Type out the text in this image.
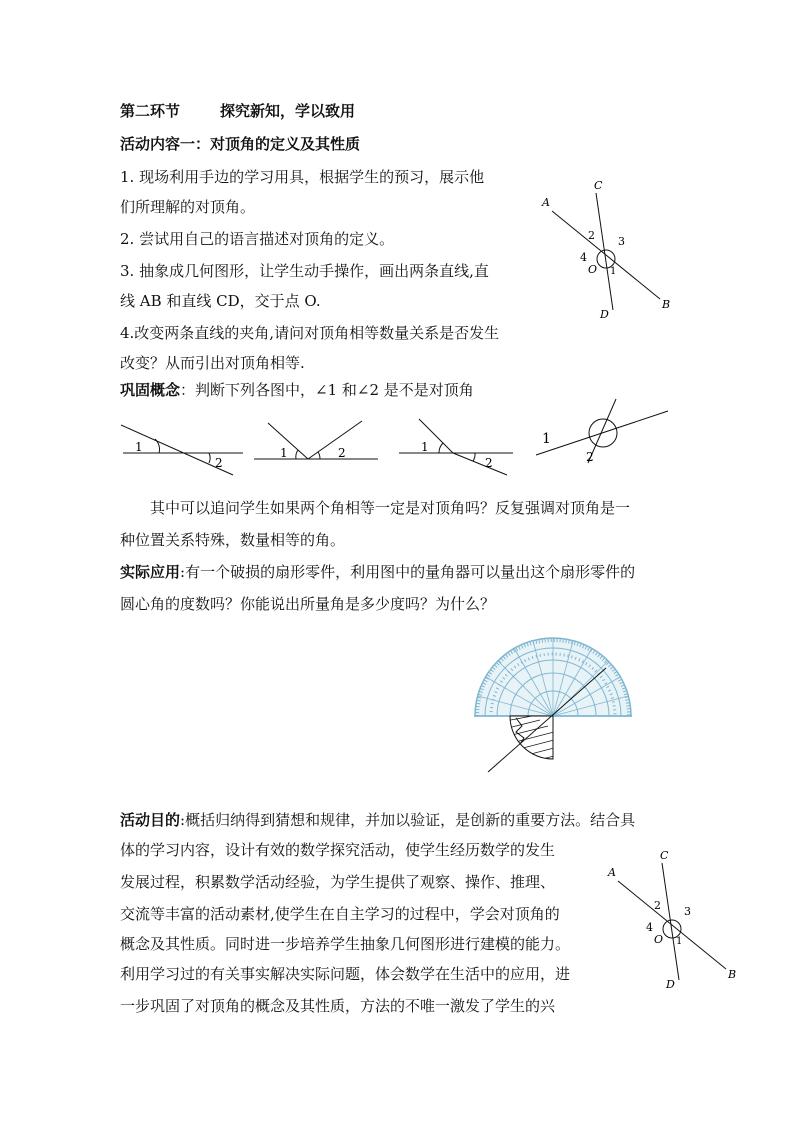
第二环节	探究新知，学以致用
活动内容一：对顶角的定义及其性质
1. 现场利用手边的学习用具，根据学生的预习，展示他
们所理解的对顶角。
2. 尝试用自己的语言描述对顶角的定义。
3. 抽象成几何图形，让学生动手操作，画出两条直线,直
线 AB 和直线 CD，交于点 O.
4.改变两条直线的夹角,请问对顶角相等数量关系是否发生
改变？从而引出对顶角相等.
A
B
C
D
O 1
2 3
4
巩固概念：判断下列各图中，∠1 和∠2 是不是对顶角
1
2
1	2	1
2
1
2
其中可以追问学生如果两个角相等一定是对顶角吗？反复强调对顶角是一
种位置关系特殊，数量相等的角。
实际应用:有一个破损的扇形零件，利用图中的量角器可以量出这个扇形零件的
圆心角的度数吗？你能说出所量角是多少度吗？为什么？
活动目的:概括归纳得到猜想和规律，并加以验证，是创新的重要方法。结合具
体的学习内容，设计有效的数学探究活动，使学生经历数学的发生
发展过程，积累数学活动经验，为学生提供了观察、操作、推理、
交流等丰富的活动素材,使学生在自主学习的过程中，学会对顶角的
概念及其性质。同时进一步培养学生抽象几何图形进行建模的能力。
利用学习过的有关事实解决实际问题，体会数学在生活中的应用，进
一步巩固了对顶角的概念及其性质，方法的不唯一激发了学生的兴
A
B
C
D
O 1
2 3
4
